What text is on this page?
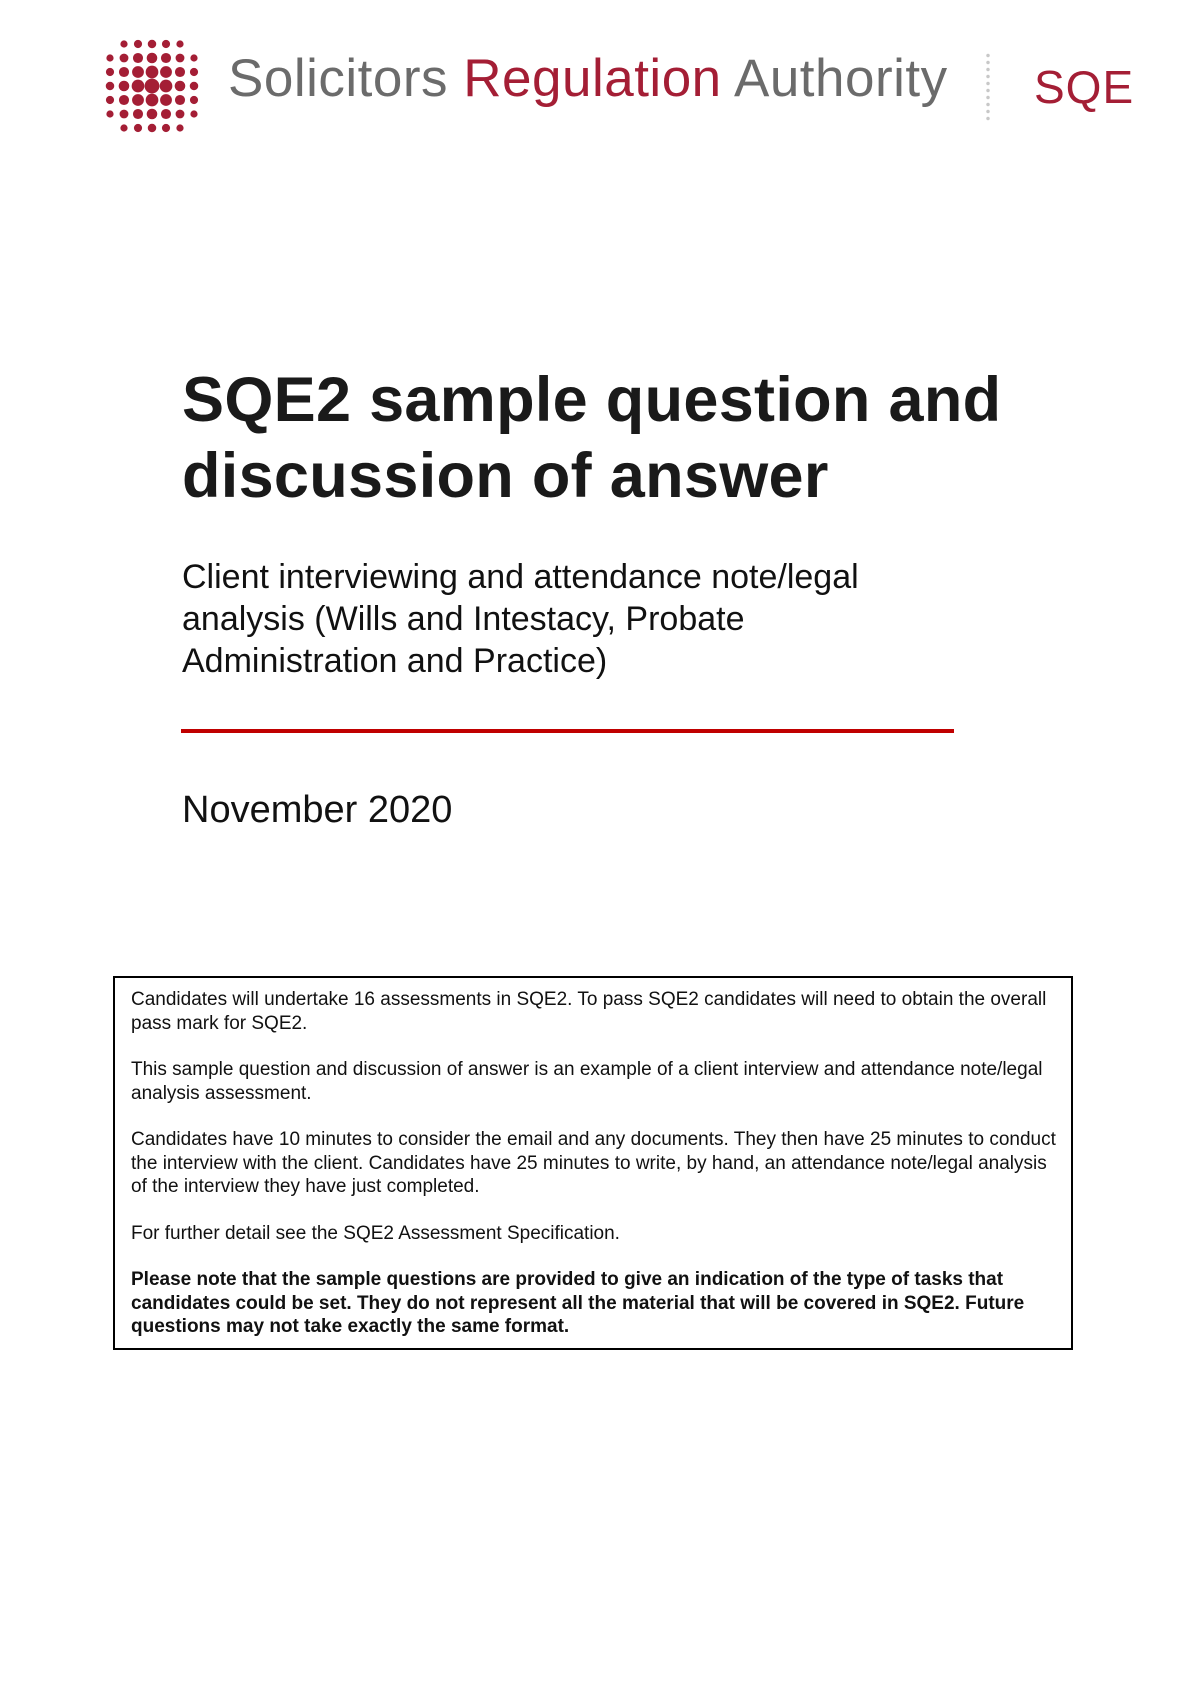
Solicitors Regulation Authority SQE
SQE2 sample question and
discussion of answer
Client interviewing and attendance note/legal
analysis (Wills and Intestacy, Probate
Administration and Practice)
November 2020

Candidates will undertake 16 assessments in SQE2. To pass SQE2 candidates will need to obtain the overall pass mark for SQE2.

This sample question and discussion of answer is an example of a client interview and attendance note/legal analysis assessment.

Candidates have 10 minutes to consider the email and any documents. They then have 25 minutes to conduct the interview with the client. Candidates have 25 minutes to write, by hand, an attendance note/legal analysis of the interview they have just completed.

For further detail see the SQE2 Assessment Specification.

Please note that the sample questions are provided to give an indication of the type of tasks that candidates could be set. They do not represent all the material that will be covered in SQE2. Future questions may not take exactly the same format.
